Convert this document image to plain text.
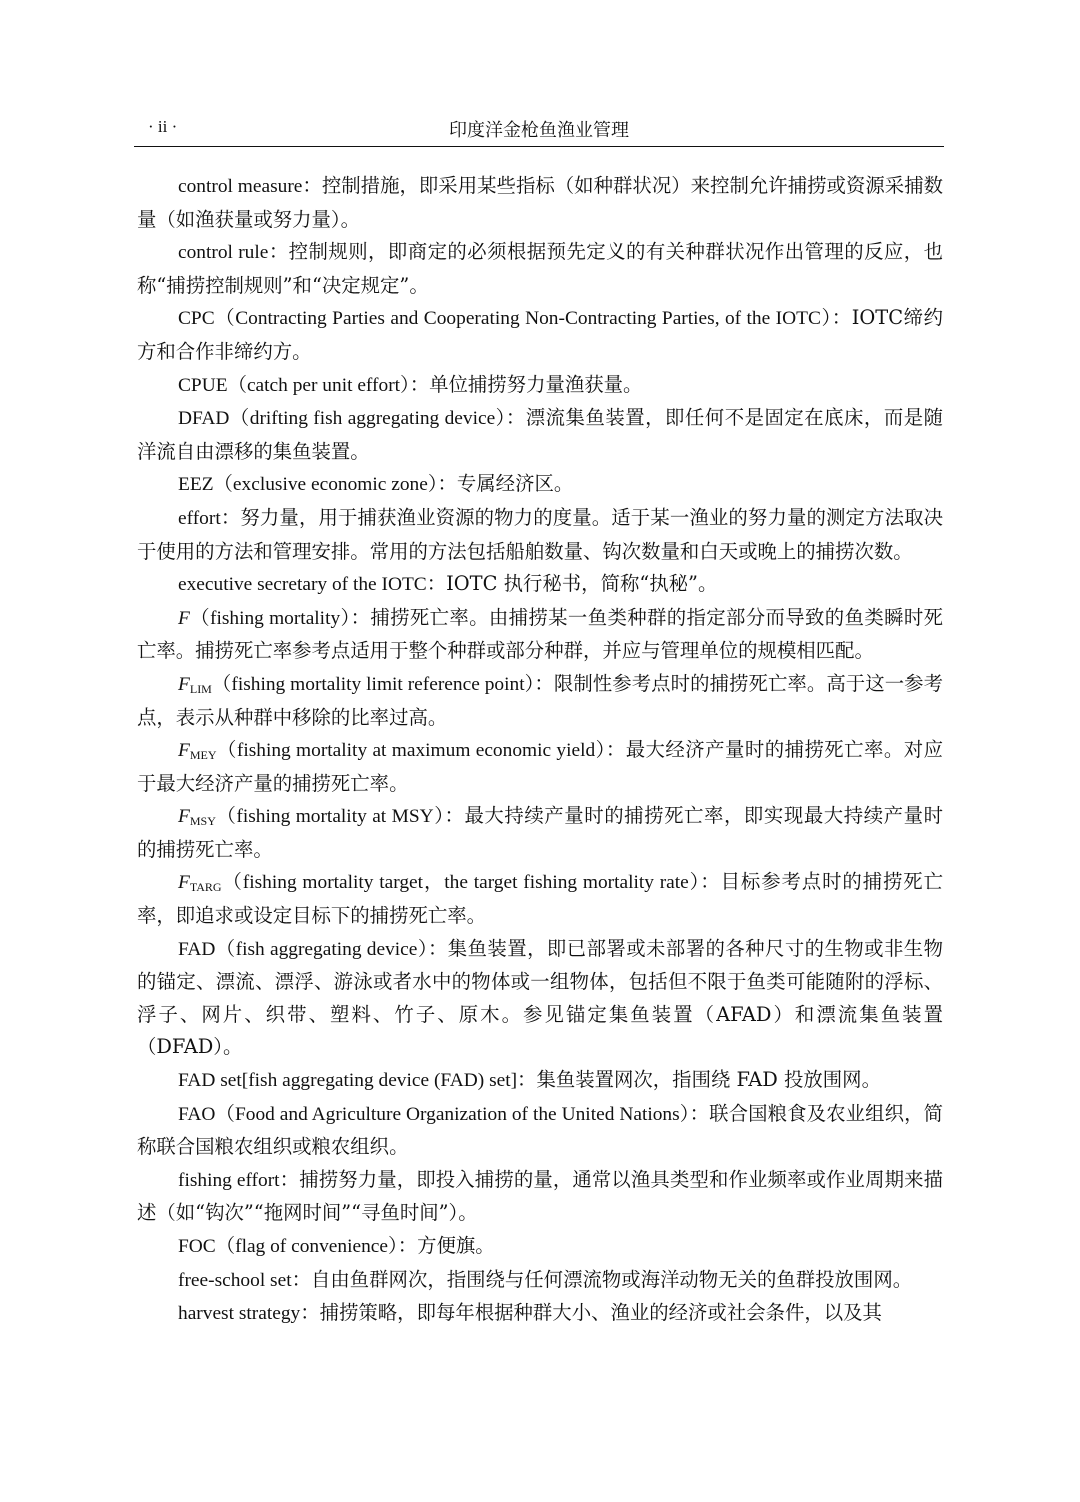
· ii ·	印度洋金枪鱼渔业管理

control measure：控制措施，即采用某些指标（如种群状况）来控制允许捕捞或资源采捕数量（如渔获量或努力量）。

control rule：控制规则，即商定的必须根据预先定义的有关种群状况作出管理的反应，也称“捕捞控制规则”和“决定规定”。

CPC（Contracting Parties and Cooperating Non-Contracting Parties, of the IOTC）：IOTC缔约方和合作非缔约方。

CPUE（catch per unit effort）：单位捕捞努力量渔获量。

DFAD（drifting fish aggregating device）：漂流集鱼装置，即任何不是固定在底床，而是随洋流自由漂移的集鱼装置。

EEZ（exclusive economic zone）：专属经济区。

effort：努力量，用于捕获渔业资源的物力的度量。适于某一渔业的努力量的测定方法取决于使用的方法和管理安排。常用的方法包括船舶数量、钩次数量和白天或晚上的捕捞次数。

executive secretary of the IOTC：IOTC 执行秘书，简称“执秘”。

F（fishing mortality）：捕捞死亡率。由捕捞某一鱼类种群的指定部分而导致的鱼类瞬时死亡率。捕捞死亡率参考点适用于整个种群或部分种群，并应与管理单位的规模相匹配。

$F_{LIM}(fishing$ mortality limit reference point）：限制性参考点时的捕捞死亡率。高于这一参考点，表示从种群中移除的比率过高。

$F_{MEY}(fishing$ mortality at maximum economic yield）：最大经济产量时的捕捞死亡率。对应于最大经济产量的捕捞死亡率。

$F_{MSY}(fishing$ mortality at MSY）：最大持续产量时的捕捞死亡率，即实现最大持续产量时的捕捞死亡率。

$F_{TARG}(fishing$ mortality target，the target fishing mortality rate）：目标参考点时的捕捞死亡率，即追求或设定目标下的捕捞死亡率。

FAD（fish aggregating device）：集鱼装置，即已部署或未部署的各种尺寸的生物或非生物的锚定、漂流、漂浮、游泳或者水中的物体或一组物体，包括但不限于鱼类可能随附的浮标、浮子、网片、织带、塑料、竹子、原木。参见锚定集鱼装置（AFAD）和漂流集鱼装置（DFAD）。

FAD set[fish aggregating device (FAD) set]：集鱼装置网次，指围绕 FAD 投放围网。

FAO（Food and Agriculture Organization of the United Nations）：联合国粮食及农业组织，简称联合国粮农组织或粮农组织。

fishing effort：捕捞努力量，即投入捕捞的量，通常以渔具类型和作业频率或作业周期来描述（如“钩次”“拖网时间”“寻鱼时间”）。

FOC（flag of convenience）：方便旗。

free-school set：自由鱼群网次，指围绕与任何漂流物或海洋动物无关的鱼群投放围网。

harvest strategy：捕捞策略，即每年根据种群大小、渔业的经济或社会条件，以及其
